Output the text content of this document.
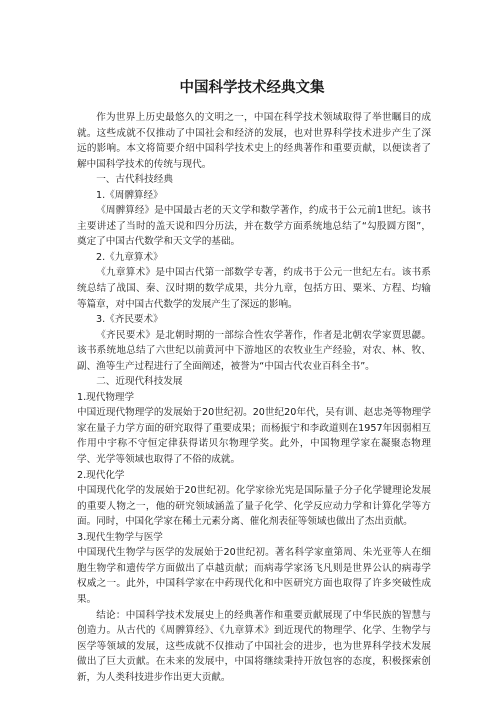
中国科学技术经典文集

作为世界上历史最悠久的文明之一，中国在科学技术领域取得了举世瞩目的成就。这些成就不仅推动了中国社会和经济的发展，也对世界科学技术进步产生了深远的影响。本文将简要介绍中国科学技术史上的经典著作和重要贡献，以便读者了解中国科学技术的传统与现代。

一、古代科技经典

1.《周髀算经》

《周髀算经》是中国最古老的天文学和数学著作，约成书于公元前1世纪。该书主要讲述了当时的盖天说和四分历法，并在数学方面系统地总结了“勾股圆方图”，奠定了中国古代数学和天文学的基础。

2.《九章算术》

《九章算术》是中国古代第一部数学专著，约成书于公元一世纪左右。该书系统总结了战国、秦、汉时期的数学成果，共分九章，包括方田、粟米、方程、均输等篇章，对中国古代数学的发展产生了深远的影响。

3.《齐民要术》

《齐民要术》是北朝时期的一部综合性农学著作，作者是北朝农学家贾思勰。该书系统地总结了六世纪以前黄河中下游地区的农牧业生产经验，对农、林、牧、副、渔等生产过程进行了全面阐述，被誉为“中国古代农业百科全书”。

二、近现代科技发展

1.现代物理学

中国近现代物理学的发展始于20世纪初。20世纪20年代，吴有训、赵忠尧等物理学家在量子力学方面的研究取得了重要成果；而杨振宁和李政道则在1957年因弱相互作用中宇称不守恒定律获得诺贝尔物理学奖。此外，中国物理学家在凝聚态物理学、光学等领域也取得了不俗的成就。

2.现代化学

中国现代化学的发展始于20世纪初。化学家徐光宪是国际量子分子化学键理论发展的重要人物之一，他的研究领域涵盖了量子化学、化学反应动力学和计算化学等方面。同时，中国化学家在稀土元素分离、催化剂表征等领域也做出了杰出贡献。

3.现代生物学与医学

中国现代生物学与医学的发展始于20世纪初。著名科学家童第周、朱光亚等人在细胞生物学和遗传学方面做出了卓越贡献；而病毒学家汤飞凡则是世界公认的病毒学权威之一。此外，中国科学家在中药现代化和中医研究方面也取得了许多突破性成果。

结论：中国科学技术发展史上的经典著作和重要贡献展现了中华民族的智慧与创造力。从古代的《周髀算经》、《九章算术》到近现代的物理学、化学、生物学与医学等领域的发展，这些成就不仅推动了中国社会的进步，也为世界科学技术发展做出了巨大贡献。在未来的发展中，中国将继续秉持开放包容的态度，积极探索创新，为人类科技进步作出更大贡献。
